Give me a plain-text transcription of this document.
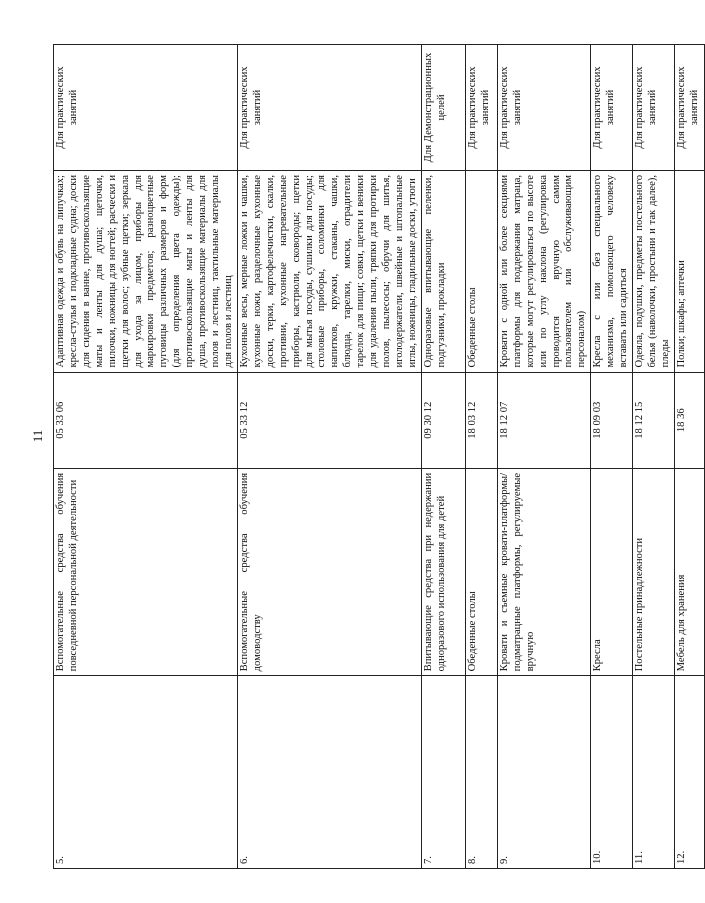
11
5.	Вспомогательные средства обучения повседневной персональной деятельности	05 33 06	Адаптивная одежда и обувь на липучках; кресла-стулья и подкладные судна; доски для сидения в ванне, противоскользящие маты и ленты для душа; щеточки, пилочки, ножницы для ногтей; расчески и щетки для волос; зубные щетки; зеркала для ухода за лицом, приборы для маркировки предметов; разноцветные пуговицы различных размеров и форм (для определения цвета одежды); противоскользящие маты и ленты для душа, противоскользящие материалы для полов и лестниц, тактильные материалы для полов и лестниц	Для практических занятий
6.	Вспомогательные средства обучения домоводству	05 33 12	Кухонные весы, мерные ложки и чашки, кухонные ножи, разделочные кухонные доски, терки, картофелечистки, скалки, противни, кухонные нагревательные приборы, кастрюли, сковороды; щетки для мытья посуды, сушилки для посуды; столовые приборы, соломинки для напитков, кружки, стаканы, чашки, блюдца, тарелки, миски, оградители тарелок для пищи; совки, щетки и веники для удаления пыли, тряпки для протирки полов, пылесосы; обручи для шитья, иголодержатели, швейные и штопальные иглы, ножницы, гладильные доски, утюги	Для практических занятий
7.	Впитывающие средства при недержании одноразового использования для детей	09 30 12	Одноразовые впитывающие пеленки, подгузники, прокладки	Для Демонстрационных целей
8.	Обеденные столы	18 03 12	Обеденные столы	Для практических занятий
9.	Кровати и съемные кровати-платформы/подматрацные платформы, регулируемые вручную	18 12 07	Кровати с одной или более секциями платформы для поддержания матраца, которые могут регулироваться по высоте или по углу наклона (регулировка проводится вручную самим пользователем или обслуживающим персоналом)	Для практических занятий
10.	Кресла	18 09 03	Кресла с или без специального механизма, помогающего человеку вставать или садиться	Для практических занятий
11.	Постельные принадлежности	18 12 15	Одеяла, подушки, предметы постельного белья (наволочки, простыни и так далее), пледы	Для практических занятий
12.	Мебель для хранения	18 36	Полки; шкафы; аптечки	Для практических занятий
